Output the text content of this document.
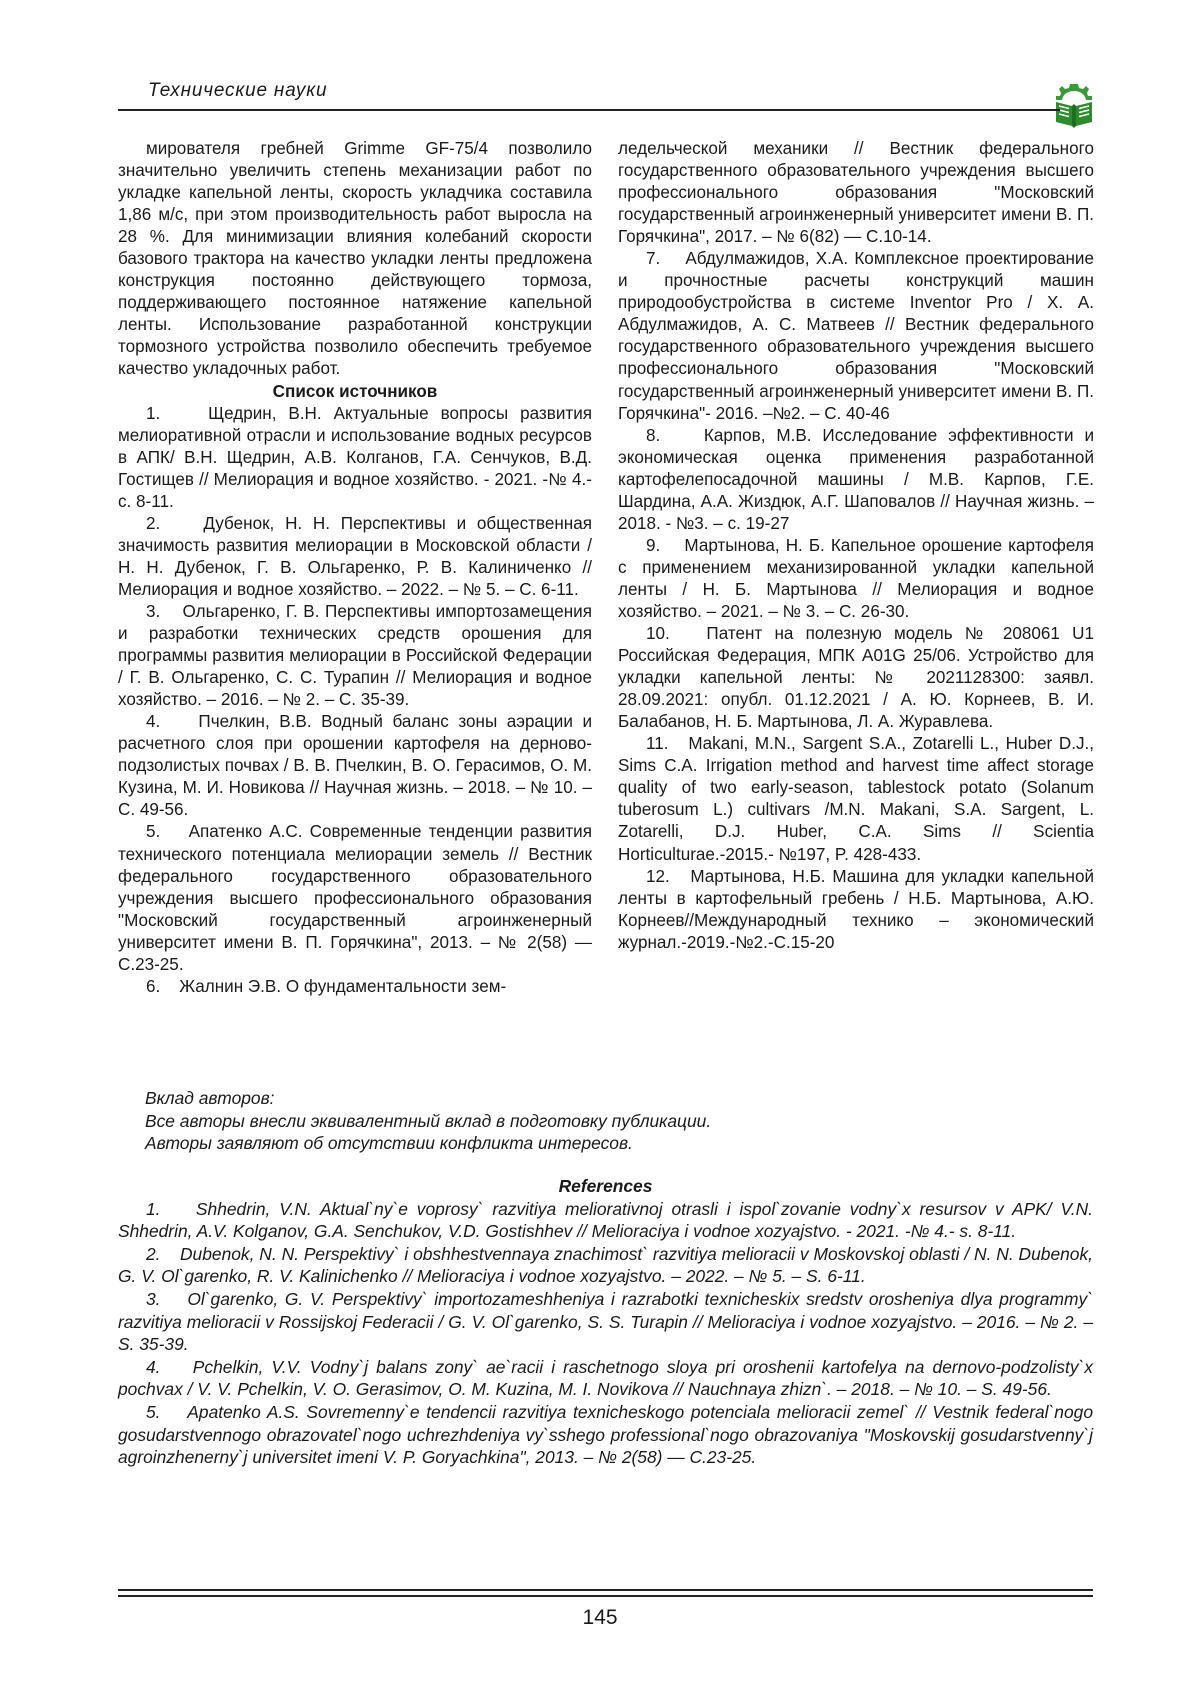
Технические науки

мирователя гребней Grimme GF-75/4 позволило значительно увеличить степень механизации работ по укладке капельной ленты, скорость укладчика составила 1,86 м/с, при этом производительность работ выросла на 28 %. Для минимизации влияния колебаний скорости базового трактора на качество укладки ленты предложена конструкция постоянно действующего тормоза, поддерживающего постоянное натяжение капельной ленты. Использование разработанной конструкции тормозного устройства позволило обеспечить требуемое качество укладочных работ.

Список источников

1.    Щедрин, В.Н. Актуальные вопросы развития мелиоративной отрасли и использование водных ресурсов в АПК/ В.Н. Щедрин, А.В. Колганов, Г.А. Сенчуков, В.Д. Гостищев // Мелиорация и водное хозяйство. - 2021. -№ 4.- с. 8-11.

2.    Дубенок, Н. Н. Перспективы и общественная значимость развития мелиорации в Московской области / Н. Н. Дубенок, Г. В. Ольгаренко, Р. В. Калиниченко // Мелиорация и водное хозяйство. – 2022. – № 5. – С. 6-11.

3.    Ольгаренко, Г. В. Перспективы импортозамещения и разработки технических средств орошения для программы развития мелиорации в Российской Федерации / Г. В. Ольгаренко, С. С. Турапин // Мелиорация и водное хозяйство. – 2016. – № 2. – С. 35-39.

4.    Пчелкин, В.В. Водный баланс зоны аэрации и расчетного слоя при орошении картофеля на дерново-подзолистых почвах / В. В. Пчелкин, В. О. Герасимов, О. М. Кузина, М. И. Новикова // Научная жизнь. – 2018. – № 10. – С. 49-56.

5.    Апатенко А.С. Современные тенденции развития технического потенциала мелиорации земель // Вестник федерального государственного образовательного учреждения высшего профессионального образования "Московский государственный агроинженерный университет имени В. П. Горячкина", 2013. – № 2(58) — С.23-25.

6.    Жалнин Э.В. О фундаментальности зем-

ледельческой механики // Вестник федерального государственного образовательного учреждения высшего профессионального образования "Московский государственный агроинженерный университет имени В. П. Горячкина", 2017. – № 6(82) — С.10-14.

7.    Абдулмажидов, Х.А. Комплексное проектирование и прочностные расчеты конструкций машин природообустройства в системе Inventor Pro / Х. А. Абдулмажидов, А. С. Матвеев // Вестник федерального государственного образовательного учреждения высшего профессионального образования "Московский государственный агроинженерный университет имени В. П. Горячкина"- 2016. –№2. – С. 40-46

8.    Карпов, М.В. Исследование эффективности и экономическая оценка применения разработанной картофелепосадочной машины / М.В. Карпов, Г.Е. Шардина, А.А. Жиздюк, А.Г. Шаповалов // Научная жизнь. – 2018. - №3. – с. 19-27

9.    Мартынова, Н. Б. Капельное орошение картофеля с применением механизированной укладки капельной ленты / Н. Б. Мартынова // Мелиорация и водное хозяйство. – 2021. – № 3. – С. 26-30.

10.   Патент на полезную модель № 208061 U1 Российская Федерация, МПК A01G 25/06. Устройство для укладки капельной ленты: № 2021128300: заявл. 28.09.2021: опубл. 01.12.2021 / А. Ю. Корнеев, В. И. Балабанов, Н. Б. Мартынова, Л. А. Журавлева.

11.   Makani, M.N., Sargent S.A., Zotarelli L., Huber D.J., Sims C.A. Irrigation method and harvest time affect storage quality of two early-season, tablestock potato (Solanum tuberosum L.) cultivars /M.N. Makani, S.A. Sargent, L. Zotarelli, D.J. Huber, C.A. Sims // Scientia Horticulturae.-2015.- №197, P. 428-433.

12.   Мартынова, Н.Б. Машина для укладки капельной ленты в картофельный гребень / Н.Б. Мартынова, А.Ю. Корнеев//Международный технико – экономический журнал.-2019.-№2.-С.15-20

Вклад авторов:

Все авторы внесли эквивалентный вклад в подготовку публикации.

Авторы заявляют об отсутствии конфликта интересов.

References

1.    Shhedrin, V.N. Aktual`ny`e voprosy` razvitiya meliorativnoj otrasli i ispol`zovanie vodny`x resursov v APK/ V.N. Shhedrin, A.V. Kolganov, G.A. Senchukov, V.D. Gostishhev // Melioraciya i vodnoe xozyajstvo. - 2021. -№ 4.- s. 8-11.

2.    Dubenok, N. N. Perspektivy` i obshhestvennaya znachimost` razvitiya melioracii v Moskovskoj oblasti / N. N. Dubenok, G. V. Ol`garenko, R. V. Kalinichenko // Melioraciya i vodnoe xozyajstvo. – 2022. – № 5. – S. 6-11.

3.    Ol`garenko, G. V. Perspektivy` importozameshheniya i razrabotki texnicheskix sredstv orosheniya dlya programmy` razvitiya melioracii v Rossijskoj Federacii / G. V. Ol`garenko, S. S. Turapin // Melioraciya i vodnoe xozyajstvo. – 2016. – № 2. – S. 35-39.

4.    Pchelkin, V.V. Vodny`j balans zony` ae`racii i raschetnogo sloya pri oroshenii kartofelya na dernovo-podzolisty`x pochvax / V. V. Pchelkin, V. O. Gerasimov, O. M. Kuzina, M. I. Novikova // Nauchnaya zhizn`. – 2018. – № 10. – S. 49-56.

5.    Apatenko A.S. Sovremenny`e tendencii razvitiya texnicheskogo potenciala melioracii zemel` // Vestnik federal`nogo gosudarstvennogo obrazovatel`nogo uchrezhdeniya vy`sshego professional`nogo obrazovaniya "Moskovskij gosudarstvenny`j agroinzhenerny`j universitet imeni V. P. Goryachkina", 2013. – № 2(58) — C.23-25.

145
